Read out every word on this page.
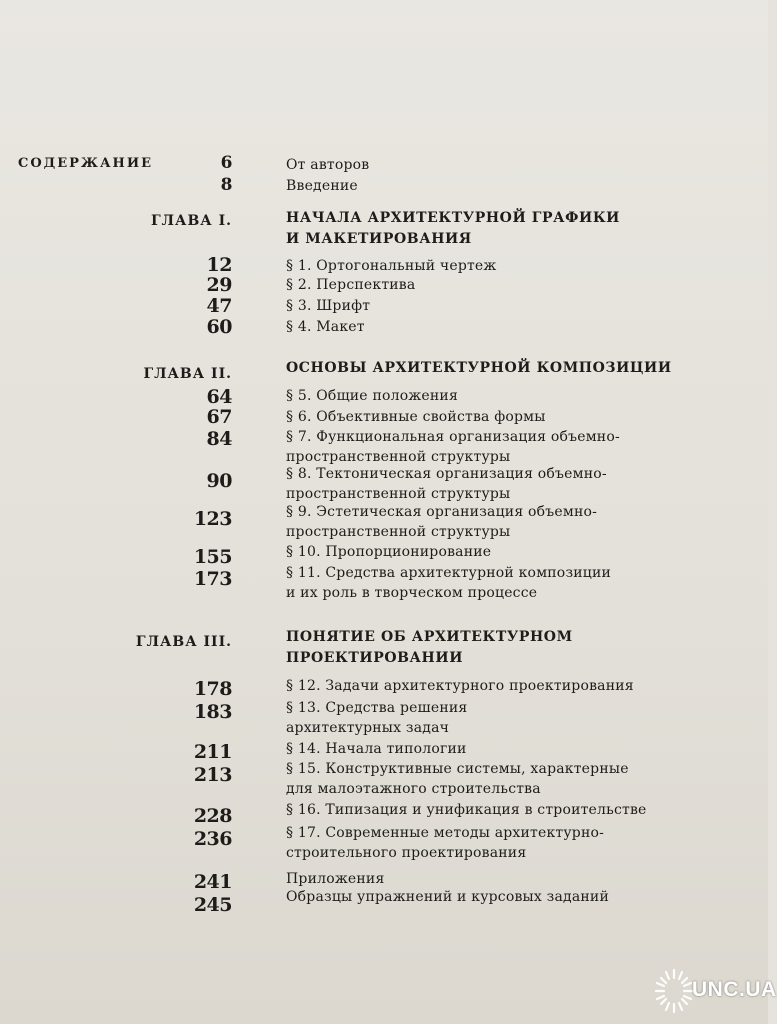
СОДЕРЖАНИЕ	6	От авторов
8	Введение
ГЛАВА I.	НАЧАЛА АРХИТЕКТУРНОЙ ГРАФИКИ
И МАКЕТИРОВАНИЯ
12	§ 1. Ортогональный чертеж
29	§ 2. Перспектива
47	§ 3. Шрифт
60	§ 4. Макет
ГЛАВА II.	ОСНОВЫ АРХИТЕКТУРНОЙ КОМПОЗИЦИИ
64	§ 5. Общие положения
67	§ 6. Объективные свойства формы
84	§ 7. Функциональная организация объемно-
пространственной структуры
90	§ 8. Тектоническая организация объемно-
пространственной структуры
123	§ 9. Эстетическая организация объемно-
пространственной структуры
155	§ 10. Пропорционирование
173	§ 11. Средства архитектурной композиции
и их роль в творческом процессе
ГЛАВА III.	ПОНЯТИЕ ОБ АРХИТЕКТУРНОМ
ПРОЕКТИРОВАНИИ
178	§ 12. Задачи архитектурного проектирования
183	§ 13. Средства решения
архитектурных задач
211	§ 14. Начала типологии
213	§ 15. Конструктивные системы, характерные
для малоэтажного строительства
228	§ 16. Типизация и унификация в строительстве
236	§ 17. Современные методы архитектурно-
строительного проектирования
241	Приложения
245	Образцы упражнений и курсовых заданий
UNC.UA
